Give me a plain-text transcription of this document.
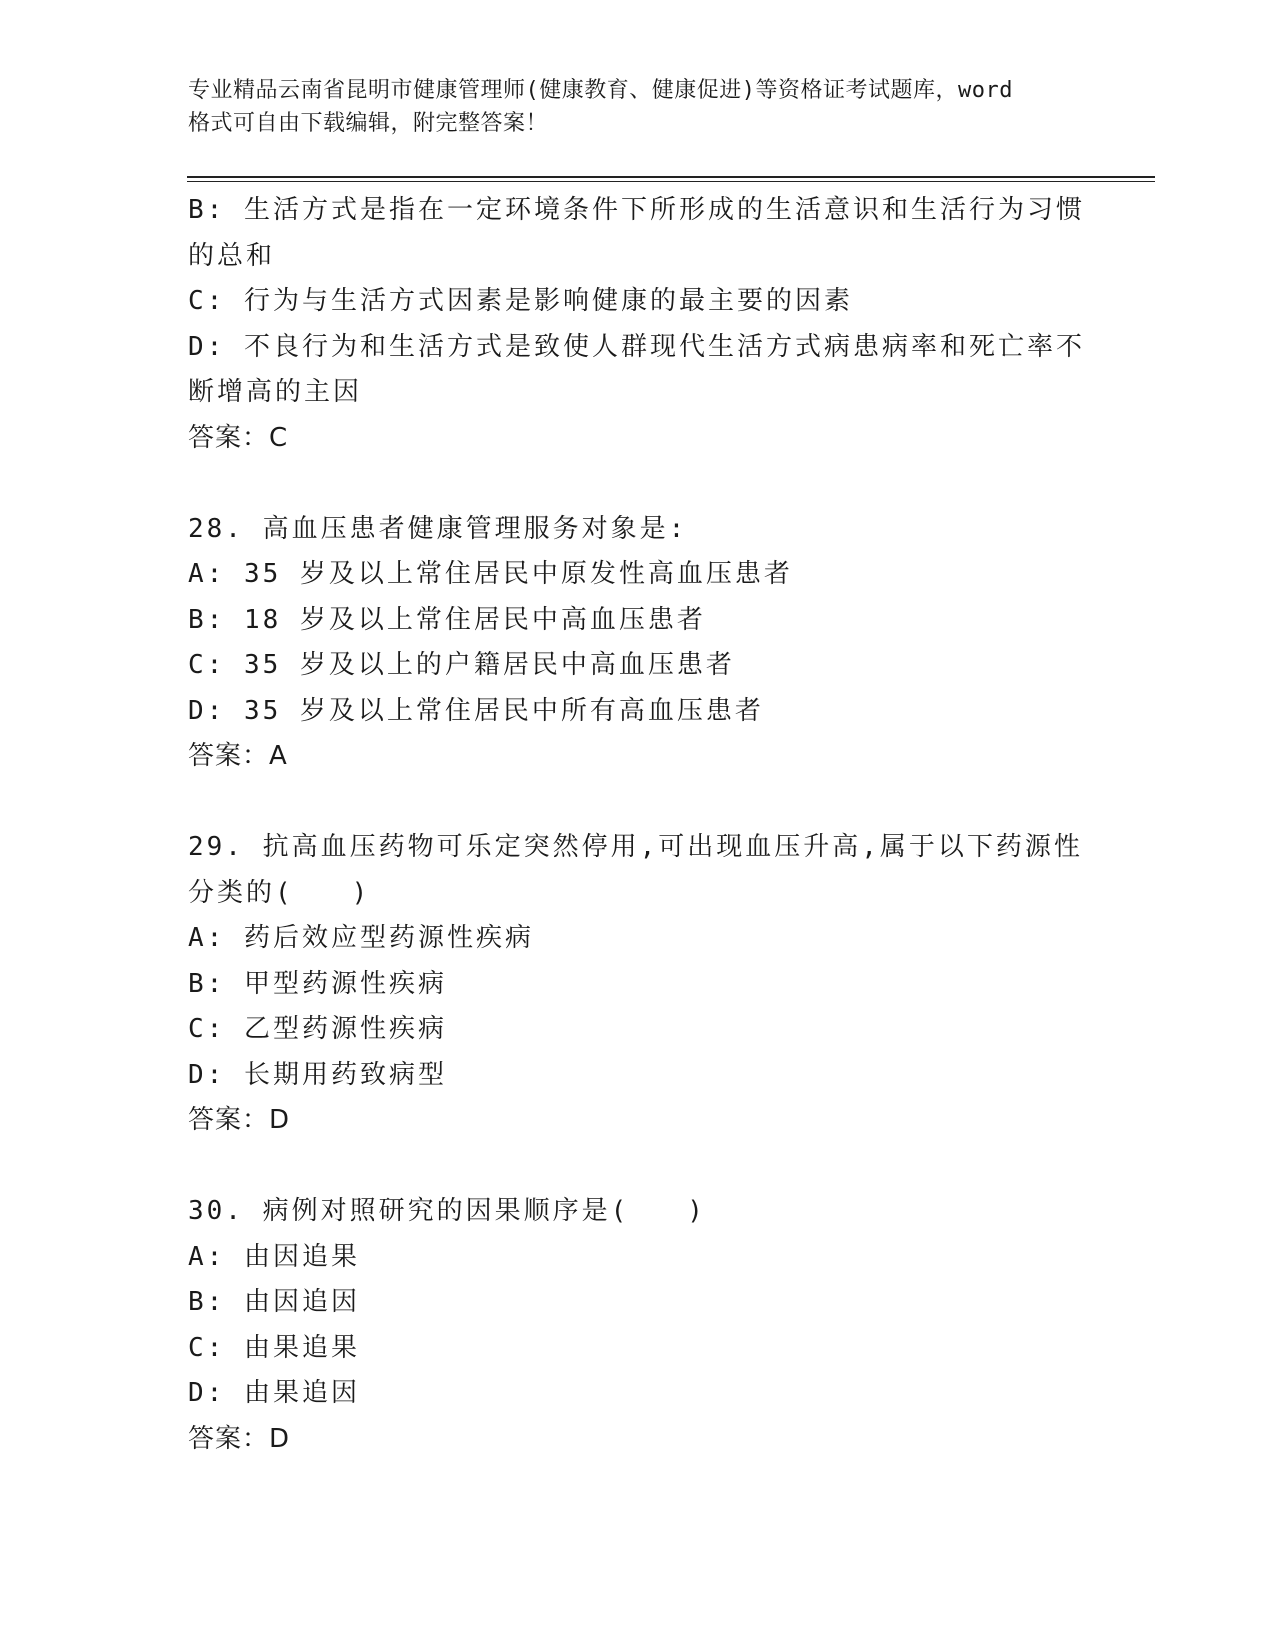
专业精品云南省昆明市健康管理师(健康教育、健康促进)等资格证考试题库，word
格式可自由下载编辑，附完整答案！
B: 生活方式是指在一定环境条件下所形成的生活意识和生活行为习惯
的总和
C: 行为与生活方式因素是影响健康的最主要的因素
D: 不良行为和生活方式是致使人群现代生活方式病患病率和死亡率不
断增高的主因
答案：C
28. 高血压患者健康管理服务对象是:
A: 35 岁及以上常住居民中原发性高血压患者
B: 18 岁及以上常住居民中高血压患者
C: 35 岁及以上的户籍居民中高血压患者
D: 35 岁及以上常住居民中所有高血压患者
答案：A
29. 抗高血压药物可乐定突然停用,可出现血压升高,属于以下药源性
分类的(　　)
A: 药后效应型药源性疾病
B: 甲型药源性疾病
C: 乙型药源性疾病
D: 长期用药致病型
答案：D
30. 病例对照研究的因果顺序是(　　)
A: 由因追果
B: 由因追因
C: 由果追果
D: 由果追因
答案：D
